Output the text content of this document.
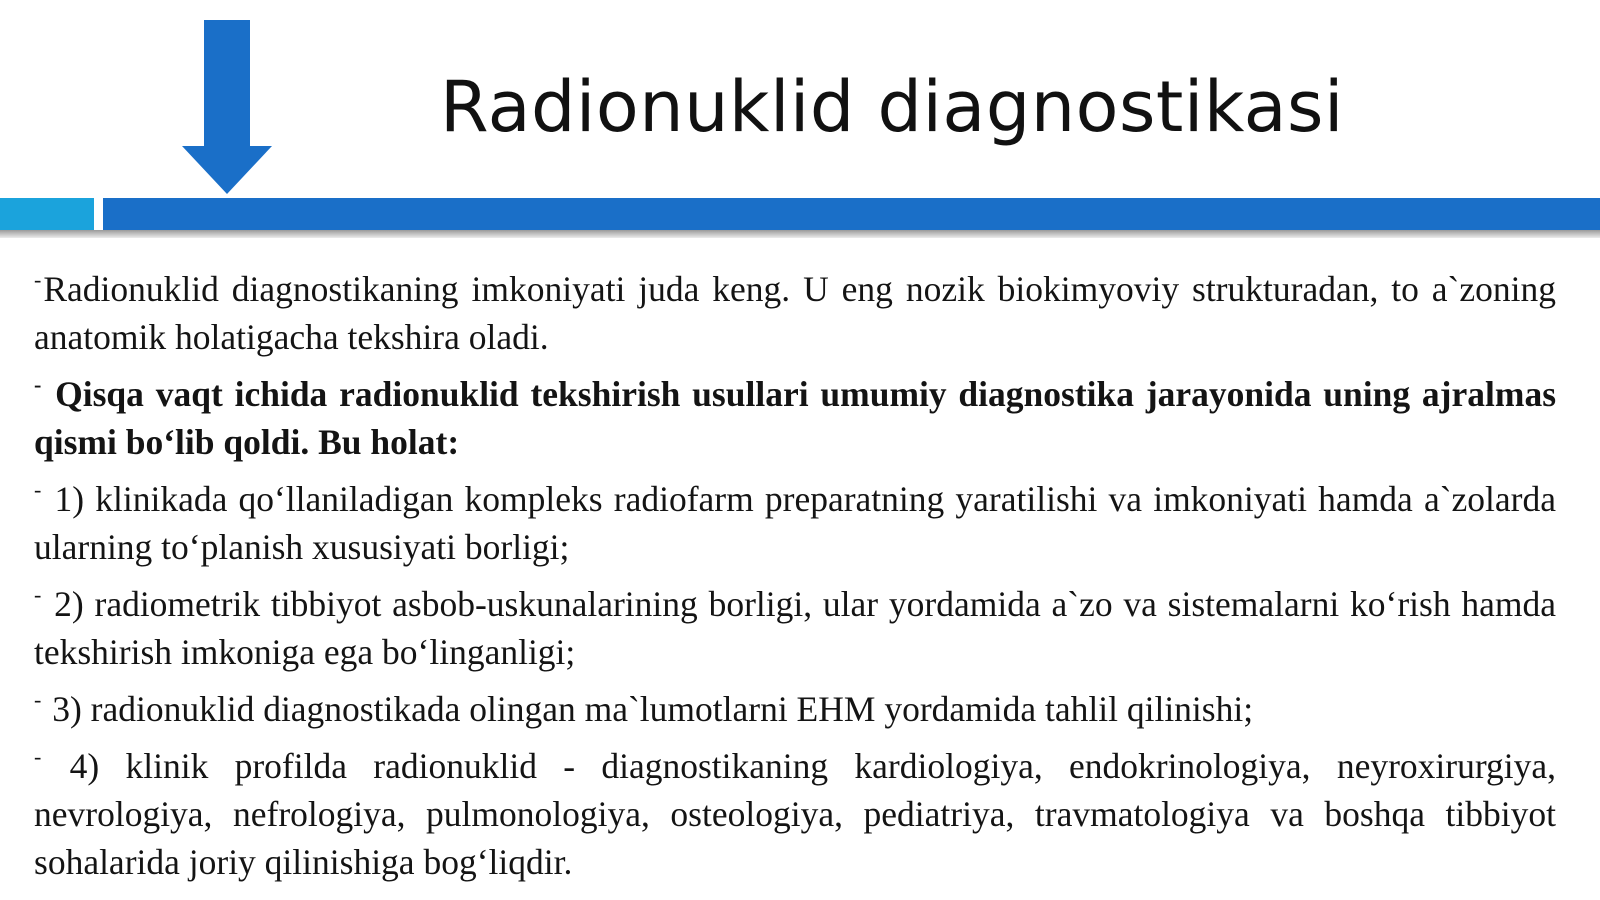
Radionuklid diagnostikasi

-Radionuklid diagnostikaning imkoniyati juda keng. U eng nozik biokimyoviy strukturadan, to a`zoning anatomik holatigacha tekshira oladi.

- Qisqa vaqt ichida radionuklid tekshirish usullari umumiy diagnostika jarayonida uning ajralmas qismi bo‘lib qoldi. Bu holat:

- 1) klinikada qo‘llaniladigan kompleks radiofarm preparatning yaratilishi va imkoniyati hamda a`zolarda ularning to‘planish xususiyati borligi;

- 2) radiometrik tibbiyot asbob-uskunalarining borligi, ular yordamida a`zo va sistemalarni ko‘rish hamda tekshirish imkoniga ega bo‘linganligi;

- 3) radionuklid diagnostikada olingan ma`lumotlarni EHM yordamida tahlil qilinishi;

- 4) klinik profilda radionuklid - diagnostikaning kardiologiya, endokrinologiya, neyroxirurgiya, nevrologiya, nefrologiya, pulmonologiya, osteologiya, pediatriya, travmatologiya va boshqa tibbiyot sohalarida joriy qilinishiga bog‘liqdir.
